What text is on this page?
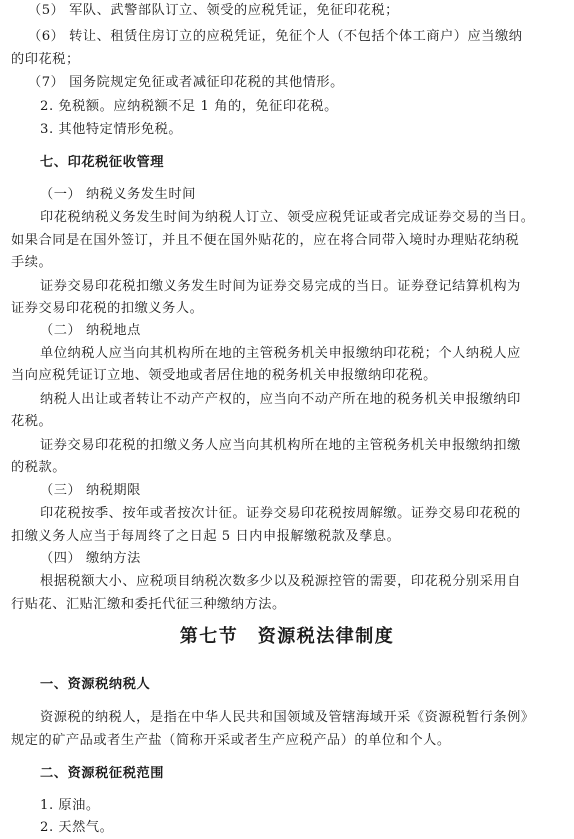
（5） 军队、武警部队订立、领受的应税凭证，免征印花税；
（6） 转让、租赁住房订立的应税凭证，免征个人（不包括个体工商户）应当缴纳
的印花税；
（7） 国务院规定免征或者减征印花税的其他情形。
2. 免税额。应纳税额不足 1 角的，免征印花税。
3. 其他特定情形免税。
七、印花税征收管理
（一） 纳税义务发生时间
印花税纳税义务发生时间为纳税人订立、领受应税凭证或者完成证券交易的当日。
如果合同是在国外签订，并且不便在国外贴花的，应在将合同带入境时办理贴花纳税
手续。
证券交易印花税扣缴义务发生时间为证券交易完成的当日。证券登记结算机构为
证券交易印花税的扣缴义务人。
（二） 纳税地点
单位纳税人应当向其机构所在地的主管税务机关申报缴纳印花税；个人纳税人应
当向应税凭证订立地、领受地或者居住地的税务机关申报缴纳印花税。
纳税人出让或者转让不动产产权的，应当向不动产所在地的税务机关申报缴纳印
花税。
证券交易印花税的扣缴义务人应当向其机构所在地的主管税务机关申报缴纳扣缴
的税款。
（三） 纳税期限
印花税按季、按年或者按次计征。证券交易印花税按周解缴。证券交易印花税的
扣缴义务人应当于每周终了之日起 5 日内申报解缴税款及孳息。
（四） 缴纳方法
根据税额大小、应税项目纳税次数多少以及税源控管的需要，印花税分别采用自
行贴花、汇贴汇缴和委托代征三种缴纳方法。
第七节　资源税法律制度
一、资源税纳税人
资源税的纳税人，是指在中华人民共和国领域及管辖海域开采《资源税暂行条例》
规定的矿产品或者生产盐（简称开采或者生产应税产品）的单位和个人。
二、资源税征税范围
1. 原油。
2. 天然气。
